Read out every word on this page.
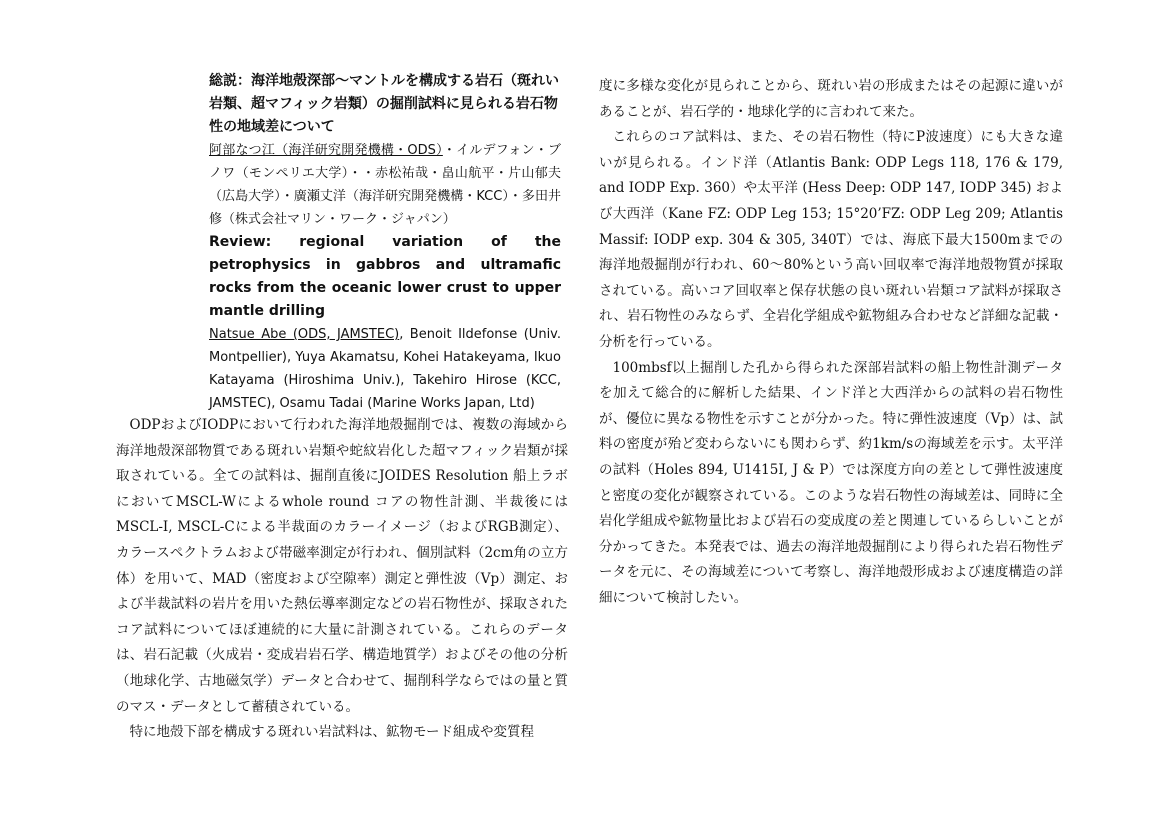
総説：海洋地殻深部〜マントルを構成する岩石（斑れい岩類、超マフィック岩類）の掘削試料に見られる岩石物性の地域差について

阿部なつ江（海洋研究開発機構・ODS）・イルデフォン・ブノワ（モンペリエ大学）・・赤松祐哉・畠山航平・片山郁夫（広島大学）・廣瀬丈洋（海洋研究開発機構・KCC）・多田井修（株式会社マリン・ワーク・ジャパン）

Review: regional variation of the petrophysics in gabbros and ultramafic rocks from the oceanic lower crust to upper mantle drilling

Natsue Abe (ODS, JAMSTEC), Benoit Ildefonse (Univ. Montpellier), Yuya Akamatsu, Kohei Hatakeyama, Ikuo Katayama (Hiroshima Univ.), Takehiro Hirose (KCC, JAMSTEC), Osamu Tadai (Marine Works Japan, Ltd)

ODPおよびIODPにおいて行われた海洋地殻掘削では、複数の海域から海洋地殻深部物質である斑れい岩類や蛇紋岩化した超マフィック岩類が採取されている。全ての試料は、掘削直後にJOIDES Resolution 船上ラボにおいてMSCL-Wによるwhole round コアの物性計測、半裁後にはMSCL-I, MSCL-Cによる半裁面のカラーイメージ（およびRGB測定）、カラースペクトラムおよび帯磁率測定が行われ、個別試料（2cm角の立方体）を用いて、MAD（密度および空隙率）測定と弾性波（Vp）測定、および半裁試料の岩片を用いた熱伝導率測定などの岩石物性が、採取されたコア試料についてほぼ連続的に大量に計測されている。これらのデータは、岩石記載（火成岩・変成岩岩石学、構造地質学）およびその他の分析（地球化学、古地磁気学）データと合わせて、掘削科学ならではの量と質のマス・データとして蓄積されている。

特に地殻下部を構成する斑れい岩試料は、鉱物モード組成や変質程

度に多様な変化が見られことから、斑れい岩の形成またはその起源に違いがあることが、岩石学的・地球化学的に言われて来た。

これらのコア試料は、また、その岩石物性（特にP波速度）にも大きな違いが見られる。インド洋（Atlantis Bank: ODP Legs 118, 176 & 179, and IODP Exp. 360）や太平洋 (Hess Deep: ODP 147, IODP 345) および大西洋（Kane FZ: ODP Leg 153; 15°20’FZ: ODP Leg 209; Atlantis Massif: IODP exp. 304 & 305, 340T）では、海底下最大1500mまでの海洋地殻掘削が行われ、60〜80%という高い回収率で海洋地殻物質が採取されている。高いコア回収率と保存状態の良い斑れい岩類コア試料が採取され、岩石物性のみならず、全岩化学組成や鉱物組み合わせなど詳細な記載・分析を行っている。

100mbsf以上掘削した孔から得られた深部岩試料の船上物性計測データを加えて総合的に解析した結果、インド洋と大西洋からの試料の岩石物性が、優位に異なる物性を示すことが分かった。特に弾性波速度（Vp）は、試料の密度が殆ど変わらないにも関わらず、約1km/sの海域差を示す。太平洋の試料（Holes 894, U1415I, J & P）では深度方向の差として弾性波速度と密度の変化が観察されている。このような岩石物性の海域差は、同時に全岩化学組成や鉱物量比および岩石の変成度の差と関連しているらしいことが分かってきた。本発表では、過去の海洋地殻掘削により得られた岩石物性データを元に、その海域差について考察し、海洋地殻形成および速度構造の詳細について検討したい。
